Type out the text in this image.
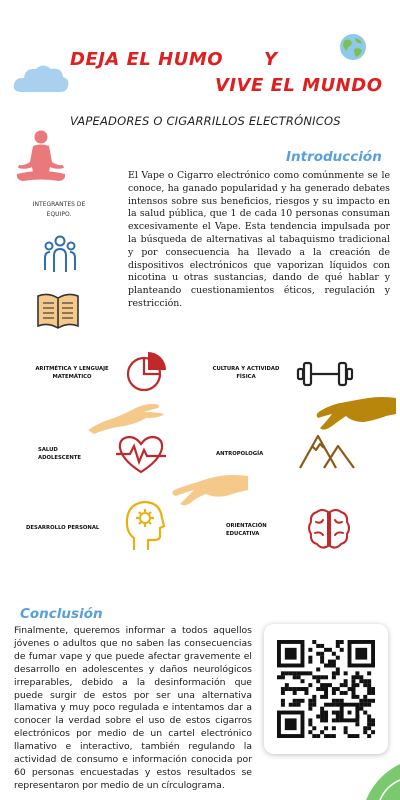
DEJA EL HUMO Y
VIVE EL MUNDO
VAPEADORES O CIGARRILLOS ELECTRÓNICOS
INTEGRANTES DE EQUIPO.
Introducción
El Vape o Cigarro electrónico como comúnmente se le conoce, ha ganado popularidad y ha generado debates intensos sobre sus beneficios, riesgos y su impacto en la salud pública, que 1 de cada 10 personas consuman excesivamente el Vape. Esta tendencia impulsada por la búsqueda de alternativas al tabaquismo tradicional y por consecuencia ha llevado a la creación de dispositivos electrónicos que vaporizan líquidos con nicotina u otras sustancias, dando de qué hablar y planteando cuestionamientos éticos, regulación y restricción.
ARITMÉTICA Y LENGUAJE MATEMÁTICO
CULTURA Y ACTIVIDAD FÍSICA
SALUD ADOLESCENTE
ANTROPOLOGÍA
DESARROLLO PERSONAL	ORIENTACIÓN EDUCATIVA
Conclusión
Finalmente, queremos informar a todos aquellos jóvenes o adultos que no saben las consecuencias de fumar vape y que puede afectar gravemente el desarrollo en adolescentes y daños neurológicos irreparables, debido a la desinformación que puede surgir de estos por ser una alternativa llamativa y muy poco regulada e intentamos dar a conocer la verdad sobre el uso de estos cigarros electrónicos por medio de un cartel electrónico llamativo e interactivo, también regulando la actividad de consumo e información conocida por 60 personas encuestadas y estos resultados se representaron por medio de un círculograma.
